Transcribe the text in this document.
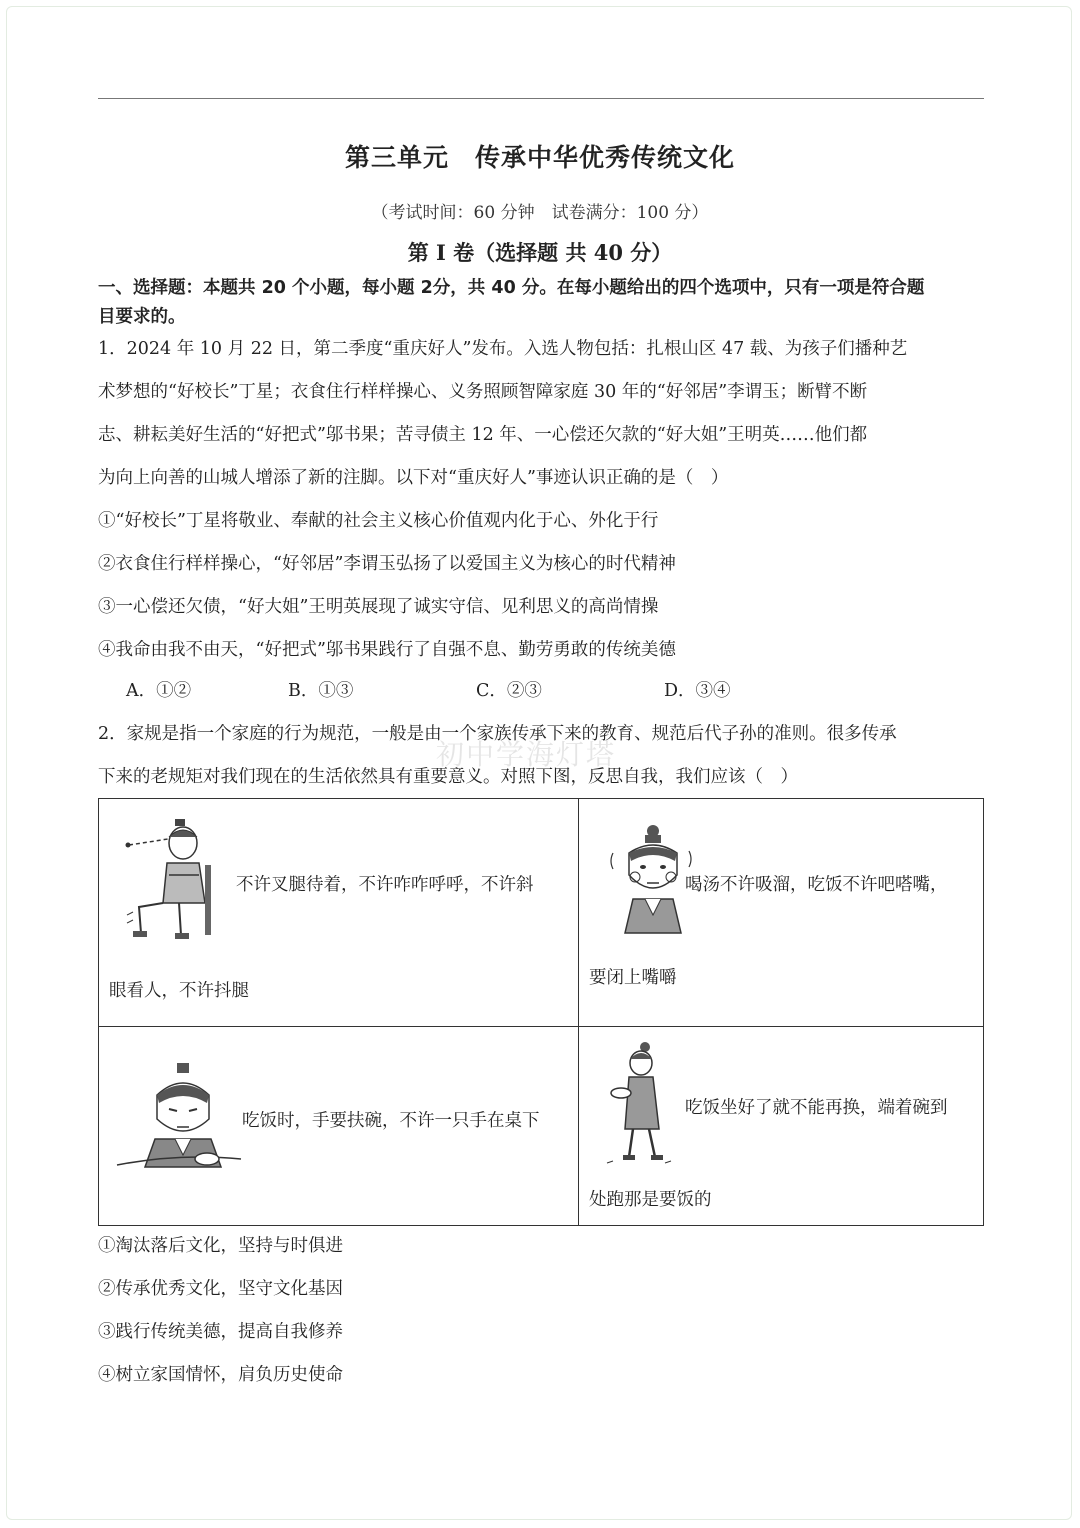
第三单元　传承中华优秀传统文化
（考试时间：60 分钟　试卷满分：100 分）
第 I 卷（选择题 共 40 分）
一、选择题：本题共 20 个小题，每小题 2分，共 40 分。在每小题给出的四个选项中，只有一项是符合题
目要求的。
1．2024 年 10 月 22 日，第二季度“重庆好人”发布。入选人物包括：扎根山区 47 载、为孩子们播种艺
术梦想的“好校长”丁星；衣食住行样样操心、义务照顾智障家庭 30 年的“好邻居”李谓玉；断臂不断
志、耕耘美好生活的“好把式”邬书果；苦寻债主 12 年、一心偿还欠款的“好大姐”王明英……他们都
为向上向善的山城人增添了新的注脚。以下对“重庆好人”事迹认识正确的是（　）
①“好校长”丁星将敬业、奉献的社会主义核心价值观内化于心、外化于行
②衣食住行样样操心，“好邻居”李谓玉弘扬了以爱国主义为核心的时代精神
③一心偿还欠债，“好大姐”王明英展现了诚实守信、见利思义的高尚情操
④我命由我不由天，“好把式”邬书果践行了自强不息、勤劳勇敢的传统美德
A．①②	B．①③	C．②③	D．③④
2．家规是指一个家庭的行为规范，一般是由一个家族传承下来的教育、规范后代子孙的准则。很多传承
下来的老规矩对我们现在的生活依然具有重要意义。对照下图，反思自我，我们应该（　）
初中学海灯塔
不许叉腿待着，不许咋咋呼呼，不许斜
眼看人，不许抖腿
喝汤不许吸溜，吃饭不许吧嗒嘴，
要闭上嘴嚼
吃饭时，手要扶碗，不许一只手在桌下
吃饭坐好了就不能再换，端着碗到
处跑那是要饭的
①淘汰落后文化，坚持与时俱进
②传承优秀文化，坚守文化基因
③践行传统美德，提高自我修养
④树立家国情怀，肩负历史使命
